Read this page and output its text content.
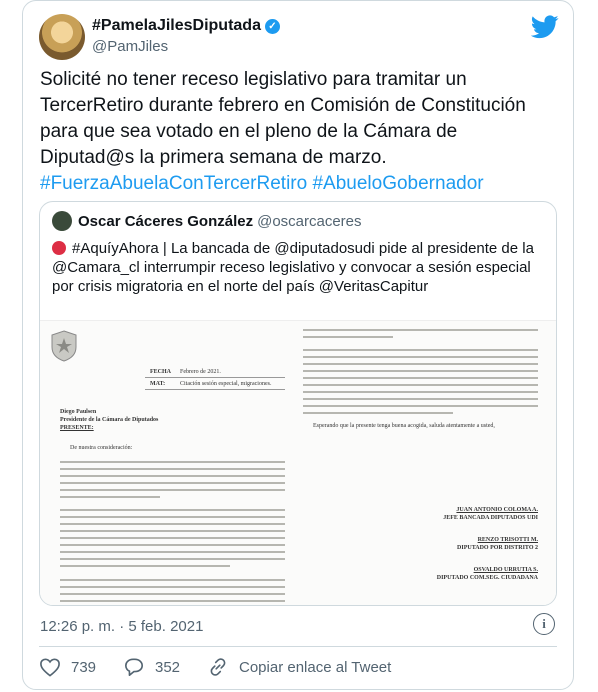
#PamelaJilesDiputada ✓
@PamJiles
Solicité no tener receso legislativo para tramitar un TercerRetiro durante febrero en Comisión de Constitución para que sea votado en el pleno de la Cámara de Diputad@s la primera semana de marzo. #FuerzaAbuelaConTercerRetiro #AbueloGobernador
Oscar Cáceres González @oscarcaceres
#AquíyAhora | La bancada de @diputadosudi pide al presidente de la @Camara_cl interrumpir receso legislativo y convocar a sesión especial por crisis migratoria en el norte del país @VeritasCapitur
FECHA Febrero de 2021.
MAT: Citación sesión especial, migraciones.
Diego Paulsen
Presidente de la Cámara de Diputados
PRESENTE:
De nuestra consideración:
Esperando que la presente tenga buena acogida, saluda atentamente a usted,
JUAN ANTONIO COLOMA A.
JEFE BANCADA DIPUTADOS UDI
RENZO TRISOTTI M.
DIPUTADO POR DISTRITO 2
OSVALDO URRUTIA S.
DIPUTADO COM.SEG. CIUDADANA
12:26 p. m. · 5 feb. 2021	i
739	352	Copiar enlace al Tweet
